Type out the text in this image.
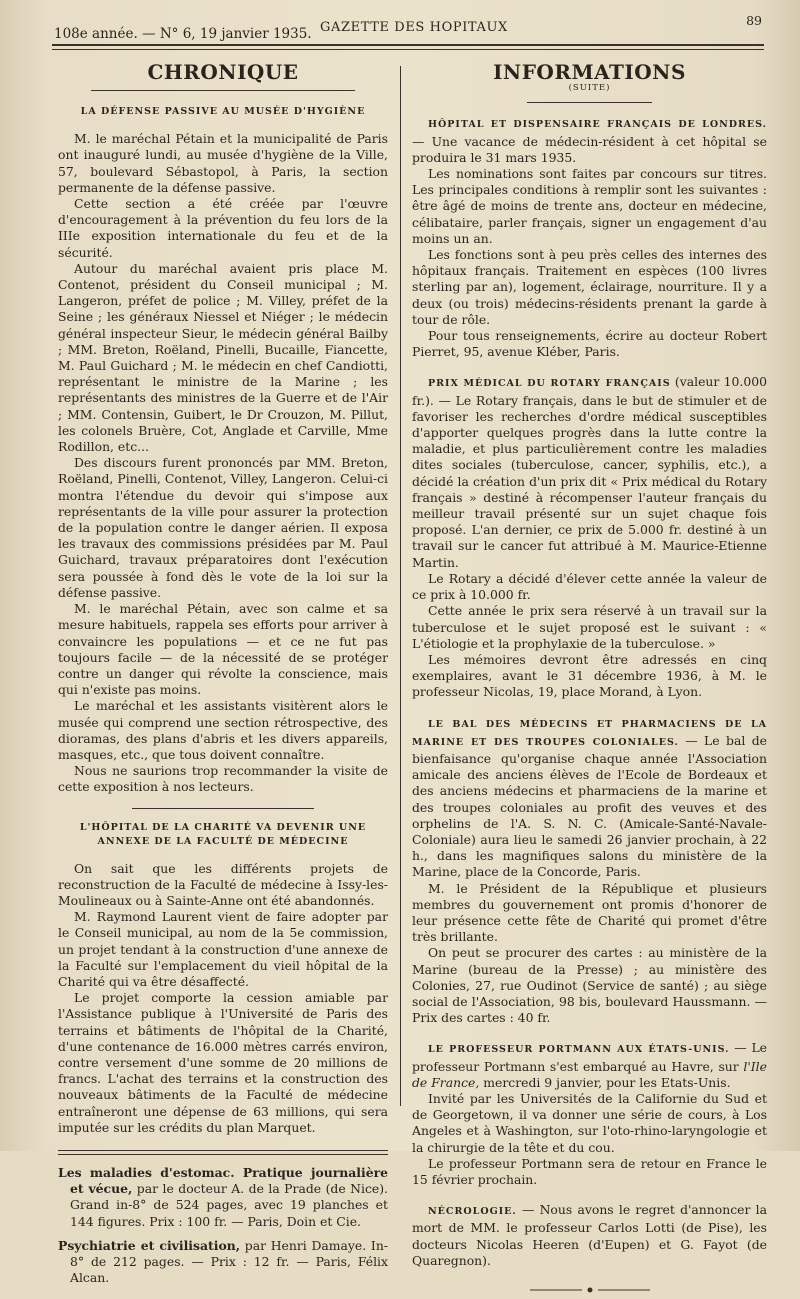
108e année. — N° 6, 19 janvier 1935. GAZETTE DES HOPITAUX	89
CHRONIQUE
LA DÉFENSE PASSIVE AU MUSÉE D'HYGIÈNE

M. le maréchal Pétain et la municipalité de Paris ont inauguré lundi, au musée d'hygiène de la Ville, 57, boulevard Sébastopol, à Paris, la section permanente de la défense passive.

Cette section a été créée par l'œuvre d'encouragement à la prévention du feu lors de la IIIe exposition internationale du feu et de la sécurité.

Autour du maréchal avaient pris place M. Contenot, président du Conseil municipal ; M. Langeron, préfet de police ; M. Villey, préfet de la Seine ; les généraux Niessel et Niéger ; le médecin général inspecteur Sieur, le médecin général Bailby ; MM. Breton, Roëland, Pinelli, Bucaille, Fiancette, M. Paul Guichard ; M. le médecin en chef Candiotti, représentant le ministre de la Marine ; les représentants des ministres de la Guerre et de l'Air ; MM. Contensin, Guibert, le Dr Crouzon, M. Pillut, les colonels Bruère, Cot, Anglade et Carville, Mme Rodillon, etc...

Des discours furent prononcés par MM. Breton, Roëland, Pinelli, Contenot, Villey, Langeron. Celui-ci montra l'étendue du devoir qui s'impose aux représentants de la ville pour assurer la protection de la population contre le danger aérien. Il exposa les travaux des commissions présidées par M. Paul Guichard, travaux préparatoires dont l'exécution sera poussée à fond dès le vote de la loi sur la défense passive.

M. le maréchal Pétain, avec son calme et sa mesure habituels, rappela ses efforts pour arriver à convaincre les populations — et ce ne fut pas toujours facile — de la nécessité de se protéger contre un danger qui révolte la conscience, mais qui n'existe pas moins.

Le maréchal et les assistants visitèrent alors le musée qui comprend une section rétrospective, des dioramas, des plans d'abris et les divers appareils, masques, etc., que tous doivent connaître.

Nous ne saurions trop recommander la visite de cette exposition à nos lecteurs.

L'HÔPITAL DE LA CHARITÉ VA DEVENIR UNE ANNEXE DE LA FACULTÉ DE MÉDECINE

On sait que les différents projets de reconstruction de la Faculté de médecine à Issy-les-Moulineaux ou à Sainte-Anne ont été abandonnés.

M. Raymond Laurent vient de faire adopter par le Conseil municipal, au nom de la 5e commission, un projet tendant à la construction d'une annexe de la Faculté sur l'emplacement du vieil hôpital de la Charité qui va être désaffecté.

Le projet comporte la cession amiable par l'Assistance publique à l'Université de Paris des terrains et bâtiments de l'hôpital de la Charité, d'une contenance de 16.000 mètres carrés environ, contre versement d'une somme de 20 millions de francs. L'achat des terrains et la construction des nouveaux bâtiments de la Faculté de médecine entraîneront une dépense de 63 millions, qui sera imputée sur les crédits du plan Marquet.

Les maladies d'estomac. Pratique journalière et vécue, par le docteur A. de la Prade (de Nice). Grand in-8° de 524 pages, avec 19 planches et 144 figures. Prix : 100 fr. — Paris, Doin et Cie.

Psychiatrie et civilisation, par Henri Damaye. In-8° de 212 pages. — Prix : 12 fr. — Paris, Félix Alcan.

INFORMATIONS
(SUITE)

HÔPITAL ET DISPENSAIRE FRANÇAIS DE LONDRES. — Une vacance de médecin-résident à cet hôpital se produira le 31 mars 1935.

Les nominations sont faites par concours sur titres. Les principales conditions à remplir sont les suivantes : être âgé de moins de trente ans, docteur en médecine, célibataire, parler français, signer un engagement d'au moins un an.

Les fonctions sont à peu près celles des internes des hôpitaux français. Traitement en espèces (100 livres sterling par an), logement, éclairage, nourriture. Il y a deux (ou trois) médecins-résidents prenant la garde à tour de rôle.

Pour tous renseignements, écrire au docteur Robert Pierret, 95, avenue Kléber, Paris.

PRIX MÉDICAL DU ROTARY FRANÇAIS (valeur 10.000 fr.). — Le Rotary français, dans le but de stimuler et de favoriser les recherches d'ordre médical susceptibles d'apporter quelques progrès dans la lutte contre la maladie, et plus particulièrement contre les maladies dites sociales (tuberculose, cancer, syphilis, etc.), a décidé la création d'un prix dit « Prix médical du Rotary français » destiné à récompenser l'auteur français du meilleur travail présenté sur un sujet chaque fois proposé. L'an dernier, ce prix de 5.000 fr. destiné à un travail sur le cancer fut attribué à M. Maurice-Etienne Martin.

Le Rotary a décidé d'élever cette année la valeur de ce prix à 10.000 fr.

Cette année le prix sera réservé à un travail sur la tuberculose et le sujet proposé est le suivant : « L'étiologie et la prophylaxie de la tuberculose. »

Les mémoires devront être adressés en cinq exemplaires, avant le 31 décembre 1936, à M. le professeur Nicolas, 19, place Morand, à Lyon.

LE BAL DES MÉDECINS ET PHARMACIENS DE LA MARINE ET DES TROUPES COLONIALES. — Le bal de bienfaisance qu'organise chaque année l'Association amicale des anciens élèves de l'Ecole de Bordeaux et des anciens médecins et pharmaciens de la marine et des troupes coloniales au profit des veuves et des orphelins de l'A. S. N. C. (Amicale-Santé-Navale-Coloniale) aura lieu le samedi 26 janvier prochain, à 22 h., dans les magnifiques salons du ministère de la Marine, place de la Concorde, Paris.

M. le Président de la République et plusieurs membres du gouvernement ont promis d'honorer de leur présence cette fête de Charité qui promet d'être très brillante.

On peut se procurer des cartes : au ministère de la Marine (bureau de la Presse) ; au ministère des Colonies, 27, rue Oudinot (Service de santé) ; au siège social de l'Association, 98 bis, boulevard Haussmann. — Prix des cartes : 40 fr.

LE PROFESSEUR PORTMANN AUX ÉTATS-UNIS. — Le professeur Portmann s'est embarqué au Havre, sur l'Ile de France, mercredi 9 janvier, pour les Etats-Unis.

Invité par les Universités de la Californie du Sud et de Georgetown, il va donner une série de cours, à Los Angeles et à Washington, sur l'oto-rhino-laryngologie et la chirurgie de la tête et du cou.

Le professeur Portmann sera de retour en France le 15 février prochain.

NÉCROLOGIE. — Nous avons le regret d'annoncer la mort de MM. le professeur Carlos Lotti (de Pise), les docteurs Nicolas Heeren (d'Eupen) et G. Fayot (de Quaregnon).
